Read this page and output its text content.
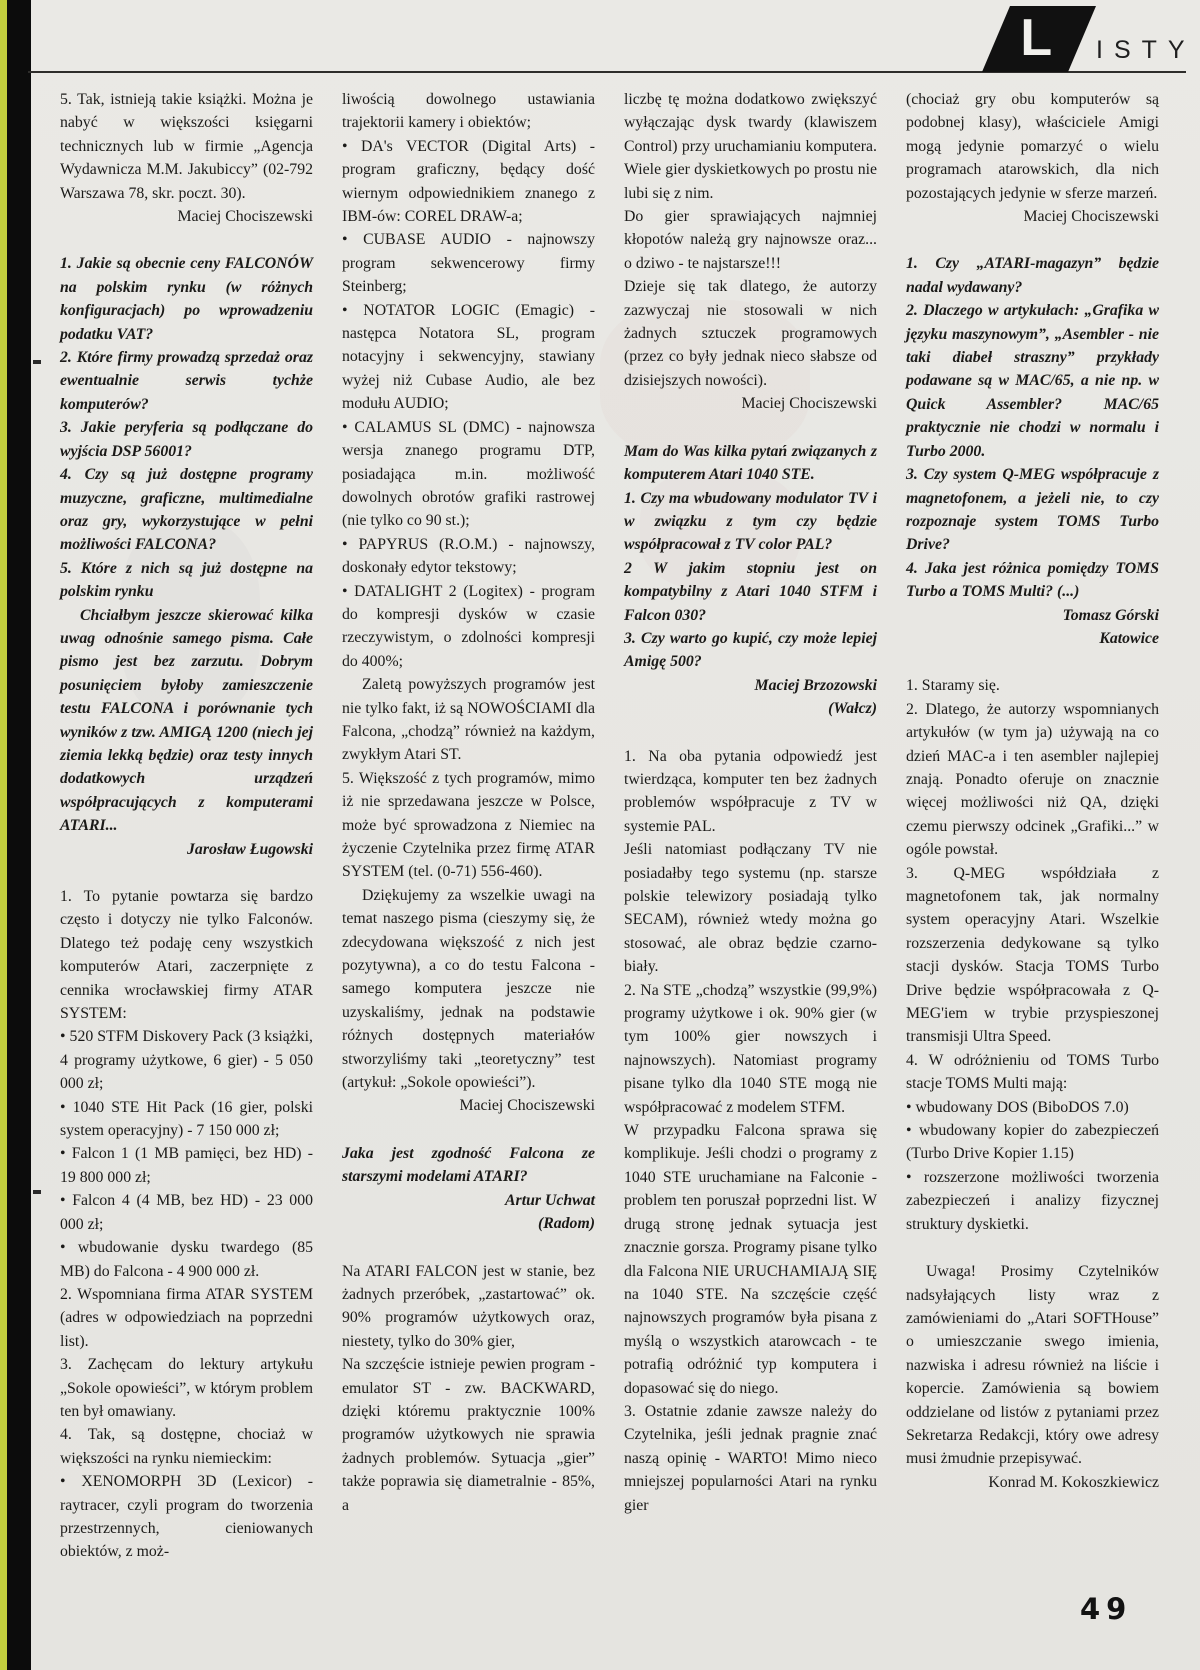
L ISTY

5. Tak, istnieją takie książki. Można je nabyć w większości księgarni technicznych lub w firmie „Agencja Wydawnicza M.M. Jakubiccy” (02-792 Warszawa 78, skr. poczt. 30).

Maciej Chociszewski

1. Jakie są obecnie ceny FALCONÓW na polskim rynku (w różnych konfiguracjach) po wprowadzeniu podatku VAT?

2. Które firmy prowadzą sprzedaż oraz ewentualnie serwis tychże komputerów?

3. Jakie peryferia są podłączane do wyjścia DSP 56001?

4. Czy są już dostępne programy muzyczne, graficzne, multimedialne oraz gry, wykorzystujące w pełni możliwości FALCONA?

5. Które z nich są już dostępne na polskim rynku

Chciałbym jeszcze skierować kilka uwag odnośnie samego pisma. Całe pismo jest bez zarzutu. Dobrym posunięciem byłoby zamieszczenie testu FALCONA i porównanie tych wyników z tzw. AMIGĄ 1200 (niech jej ziemia lekką będzie) oraz testy innych dodatkowych urządzeń współpracujących z komputerami ATARI...

Jarosław Ługowski

1. To pytanie powtarza się bardzo często i dotyczy nie tylko Falconów. Dlatego też podaję ceny wszystkich komputerów Atari, zaczerpnięte z cennika wrocławskiej firmy ATAR SYSTEM:

• 520 STFM Diskovery Pack (3 książki, 4 programy użytkowe, 6 gier) - 5 050 000 zł;

• 1040 STE Hit Pack (16 gier, polski system operacyjny) - 7 150 000 zł;

• Falcon 1 (1 MB pamięci, bez HD) - 19 800 000 zł;

• Falcon 4 (4 MB, bez HD) - 23 000 000 zł;

• wbudowanie dysku twardego (85 MB) do Falcona - 4 900 000 zł.

2. Wspomniana firma ATAR SYSTEM (adres w odpowiedziach na poprzedni list).

3. Zachęcam do lektury artykułu „Sokole opowieści”, w którym problem ten był omawiany.

4. Tak, są dostępne, chociaż w większości na rynku niemieckim:

• XENOMORPH 3D (Lexicor) - raytracer, czyli program do tworzenia przestrzennych, cieniowanych obiektów, z moż-

liwością dowolnego ustawiania trajektorii kamery i obiektów;

• DA's VECTOR (Digital Arts) - program graficzny, będący dość wiernym odpowiednikiem znanego z IBM-ów: COREL DRAW-a;

• CUBASE AUDIO - najnowszy program sekwencerowy firmy Steinberg;

• NOTATOR LOGIC (Emagic) - następca Notatora SL, program notacyjny i sekwencyjny, stawiany wyżej niż Cubase Audio, ale bez modułu AUDIO;

• CALAMUS SL (DMC) - najnowsza wersja znanego programu DTP, posiadająca m.in. możliwość dowolnych obrotów grafiki rastrowej (nie tylko co 90 st.);

• PAPYRUS (R.O.M.) - najnowszy, doskonały edytor tekstowy;

• DATALIGHT 2 (Logitex) - program do kompresji dysków w czasie rzeczywistym, o zdolności kompresji do 400%;

Zaletą powyższych programów jest nie tylko fakt, iż są NOWOŚCIAMI dla Falcona, „chodzą” również na każdym, zwykłym Atari ST.

5. Większość z tych programów, mimo iż nie sprzedawana jeszcze w Polsce, może być sprowadzona z Niemiec na życzenie Czytelnika przez firmę ATAR SYSTEM (tel. (0-71) 556-460).

Dziękujemy za wszelkie uwagi na temat naszego pisma (cieszymy się, że zdecydowana większość z nich jest pozytywna), a co do testu Falcona - samego komputera jeszcze nie uzyskaliśmy, jednak na podstawie różnych dostępnych materiałów stworzyliśmy taki „teoretyczny” test (artykuł: „Sokole opowieści”).

Maciej Chociszewski

Jaka jest zgodność Falcona ze starszymi modelami ATARI?

Artur Uchwat

(Radom)

Na ATARI FALCON jest w stanie, bez żadnych przeróbek, „zastartować” ok. 90% programów użytkowych oraz, niestety, tylko do 30% gier,

Na szczęście istnieje pewien program - emulator ST - zw. BACKWARD, dzięki któremu praktycznie 100% programów użytkowych nie sprawia żadnych problemów. Sytuacja „gier” także poprawia się diametralnie - 85%, a

liczbę tę można dodatkowo zwiększyć wyłączając dysk twardy (klawiszem Control) przy uruchamianiu komputera. Wiele gier dyskietkowych po prostu nie lubi się z nim.

Do gier sprawiających najmniej kłopotów należą gry najnowsze oraz... o dziwo - te najstarsze!!!

Dzieje się tak dlatego, że autorzy zazwyczaj nie stosowali w nich żadnych sztuczek programowych (przez co były jednak nieco słabsze od dzisiejszych nowości).

Maciej Chociszewski

Mam do Was kilka pytań związanych z komputerem Atari 1040 STE.

1. Czy ma wbudowany modulator TV i w związku z tym czy będzie współpracował z TV color PAL?

2 W jakim stopniu jest on kompatybilny z Atari 1040 STFM i Falcon 030?

3. Czy warto go kupić, czy może lepiej Amigę 500?

Maciej Brzozowski

(Wałcz)

1. Na oba pytania odpowiedź jest twierdząca, komputer ten bez żadnych problemów współpracuje z TV w systemie PAL.

Jeśli natomiast podłączany TV nie posiadałby tego systemu (np. starsze polskie telewizory posiadają tylko SECAM), również wtedy można go stosować, ale obraz będzie czarno-biały.

2. Na STE „chodzą” wszystkie (99,9%) programy użytkowe i ok. 90% gier (w tym 100% gier nowszych i najnowszych). Natomiast programy pisane tylko dla 1040 STE mogą nie współpracować z modelem STFM.

W przypadku Falcona sprawa się komplikuje. Jeśli chodzi o programy z 1040 STE uruchamiane na Falconie - problem ten poruszał poprzedni list. W drugą stronę jednak sytuacja jest znacznie gorsza. Programy pisane tylko dla Falcona NIE URUCHAMIAJĄ SIĘ na 1040 STE. Na szczęście część najnowszych programów była pisana z myślą o wszystkich atarowcach - te potrafią odróżnić typ komputera i dopasować się do niego.

3. Ostatnie zdanie zawsze należy do Czytelnika, jeśli jednak pragnie znać naszą opinię - WARTO! Mimo nieco mniejszej popularności Atari na rynku gier

(chociaż gry obu komputerów są podobnej klasy), właściciele Amigi mogą jedynie pomarzyć o wielu programach atarowskich, dla nich pozostających jedynie w sferze marzeń.

Maciej Chociszewski

1. Czy „ATARI-magazyn” będzie nadal wydawany?

2. Dlaczego w artykułach: „Grafika w języku maszynowym”, „Asembler - nie taki diabeł straszny” przykłady podawane są w MAC/65, a nie np. w Quick Assembler? MAC/65 praktycznie nie chodzi w normalu i Turbo 2000.

3. Czy system Q-MEG współpracuje z magnetofonem, a jeżeli nie, to czy rozpoznaje system TOMS Turbo Drive?

4. Jaka jest różnica pomiędzy TOMS Turbo a TOMS Multi? (...)

Tomasz Górski

Katowice

1. Staramy się.

2. Dlatego, że autorzy wspomnianych artykułów (w tym ja) używają na co dzień MAC-a i ten asembler najlepiej znają. Ponadto oferuje on znacznie więcej możliwości niż QA, dzięki czemu pierwszy odcinek „Grafiki...” w ogóle powstał.

3. Q-MEG współdziała z magnetofonem tak, jak normalny system operacyjny Atari. Wszelkie rozszerzenia dedykowane są tylko stacji dysków. Stacja TOMS Turbo Drive będzie współpracowała z Q-MEG'iem w trybie przyspieszonej transmisji Ultra Speed.

4. W odróżnieniu od TOMS Turbo stacje TOMS Multi mają:

• wbudowany DOS (BiboDOS 7.0)

• wbudowany kopier do zabezpieczeń (Turbo Drive Kopier 1.15)

• rozszerzone możliwości tworzenia zabezpieczeń i analizy fizycznej struktury dyskietki.

Uwaga! Prosimy Czytelników nadsyłających listy wraz z zamówieniami do „Atari SOFTHouse” o umieszczanie swego imienia, nazwiska i adresu również na liście i kopercie. Zamówienia są bowiem oddzielane od listów z pytaniami przez Sekretarza Redakcji, który owe adresy musi żmudnie przepisywać.

Konrad M. Kokoszkiewicz

49
